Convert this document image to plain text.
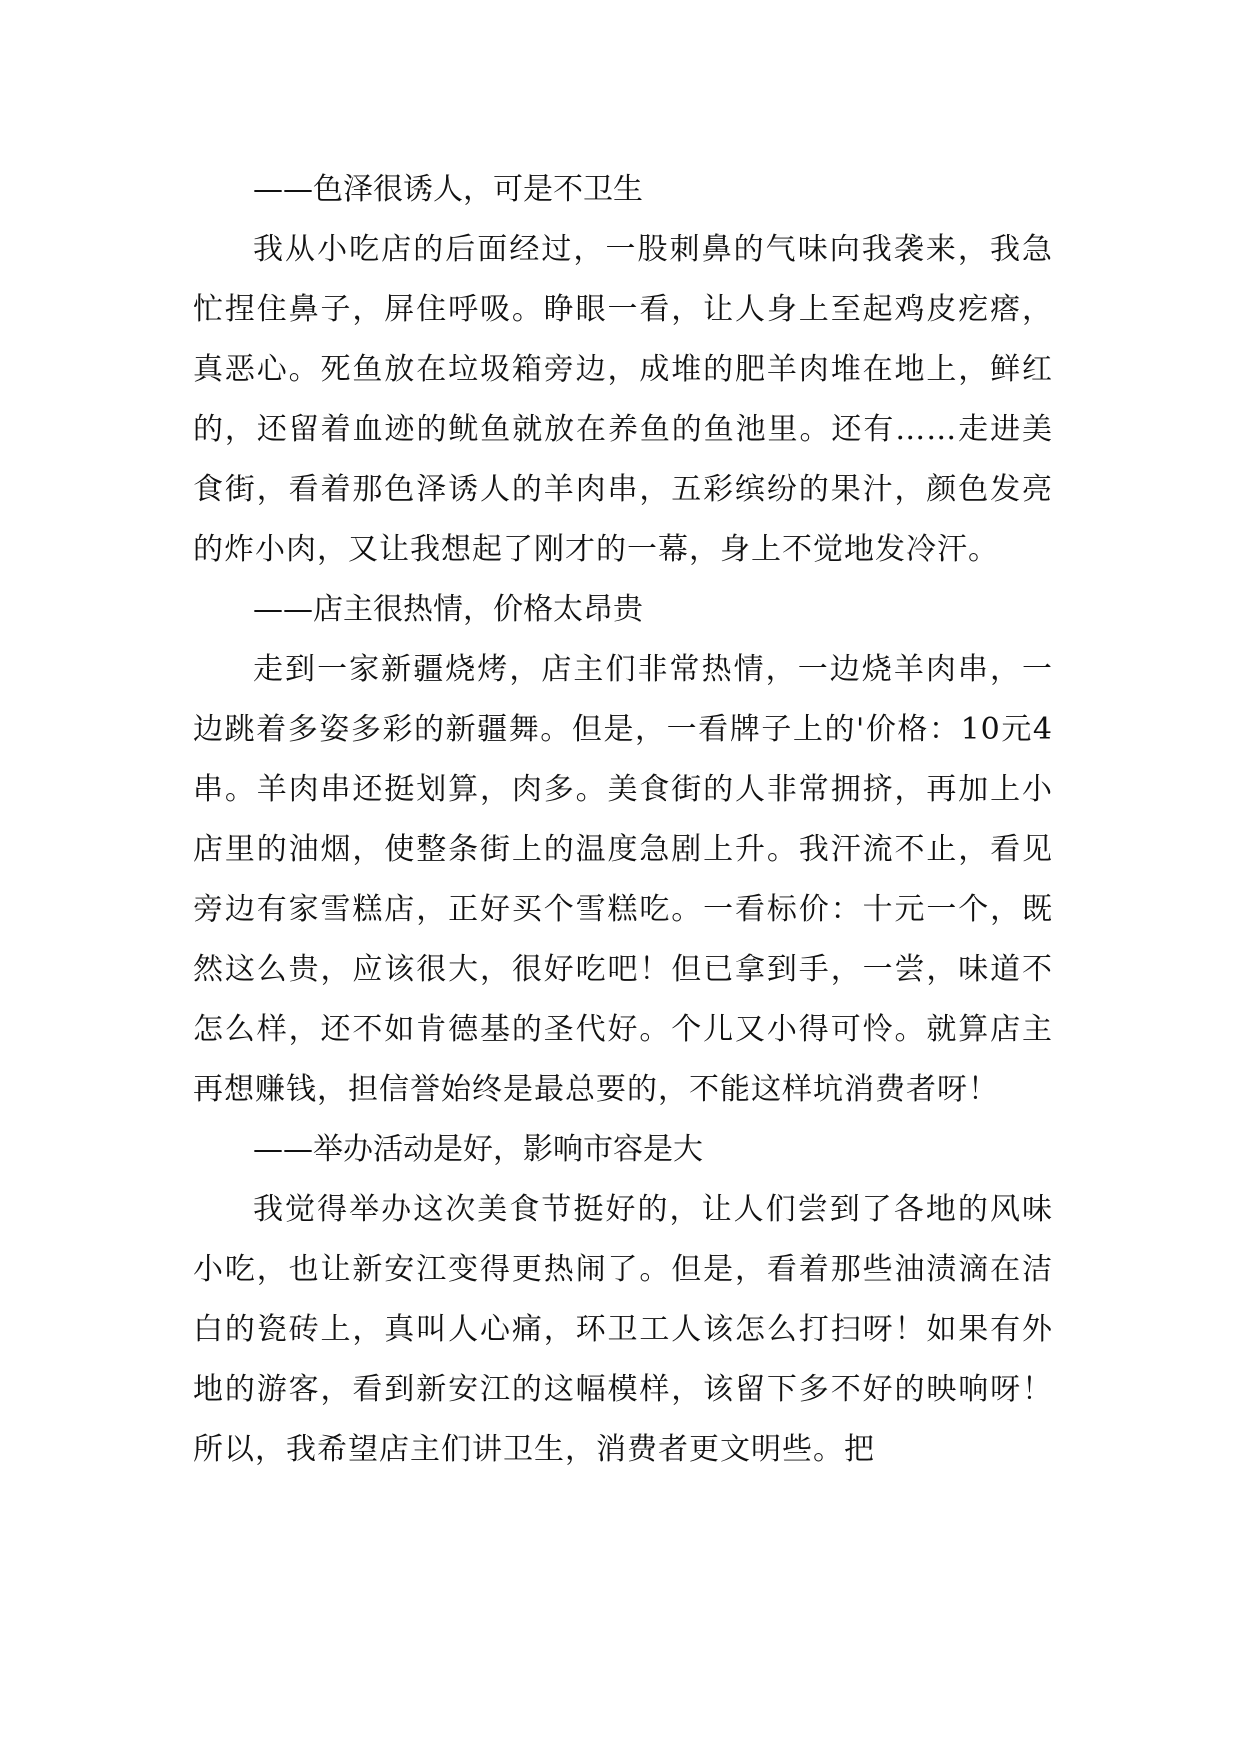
——色泽很诱人，可是不卫生

我从小吃店的后面经过，一股刺鼻的气味向我袭来，我急忙捏住鼻子，屏住呼吸。睁眼一看，让人身上至起鸡皮疙瘩，真恶心。死鱼放在垃圾箱旁边，成堆的肥羊肉堆在地上，鲜红的，还留着血迹的鱿鱼就放在养鱼的鱼池里。还有……走进美食街，看着那色泽诱人的羊肉串，五彩缤纷的果汁，颜色发亮的炸小肉，又让我想起了刚才的一幕，身上不觉地发冷汗。

——店主很热情，价格太昂贵

走到一家新疆烧烤，店主们非常热情，一边烧羊肉串，一边跳着多姿多彩的新疆舞。但是，一看牌子上的'价格：10元4串。羊肉串还挺划算，肉多。美食街的人非常拥挤，再加上小店里的油烟，使整条街上的温度急剧上升。我汗流不止，看见旁边有家雪糕店，正好买个雪糕吃。一看标价：十元一个，既然这么贵，应该很大，很好吃吧！但已拿到手，一尝，味道不怎么样，还不如肯德基的圣代好。个儿又小得可怜。就算店主再想赚钱，担信誉始终是最总要的，不能这样坑消费者呀！

——举办活动是好，影响市容是大

我觉得举办这次美食节挺好的，让人们尝到了各地的风味小吃，也让新安江变得更热闹了。但是，看着那些油渍滴在洁白的瓷砖上，真叫人心痛，环卫工人该怎么打扫呀！如果有外地的游客，看到新安江的这幅模样，该留下多不好的映响呀！所以，我希望店主们讲卫生，消费者更文明些。把
